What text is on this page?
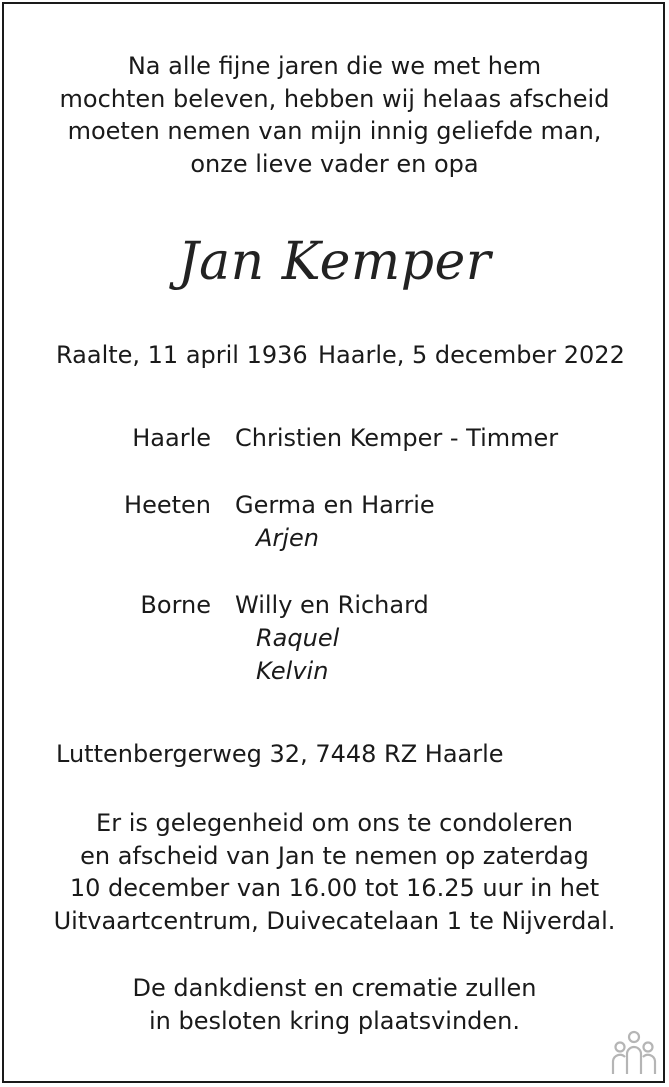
Na alle fijne jaren die we met hem
mochten beleven, hebben wij helaas afscheid
moeten nemen van mijn innig geliefde man,
onze lieve vader en opa
Jan Kemper
Raalte, 11 april 1936 Haarle, 5 december 2022
Haarle Christien Kemper - Timmer
Heeten Germa en Harrie
Arjen
Borne Willy en Richard
Raquel
Kelvin
Luttenbergerweg 32, 7448 RZ Haarle
Er is gelegenheid om ons te condoleren
en afscheid van Jan te nemen op zaterdag
10 december van 16.00 tot 16.25 uur in het
Uitvaartcentrum, Duivecatelaan 1 te Nijverdal.
De dankdienst en crematie zullen
in besloten kring plaatsvinden.
